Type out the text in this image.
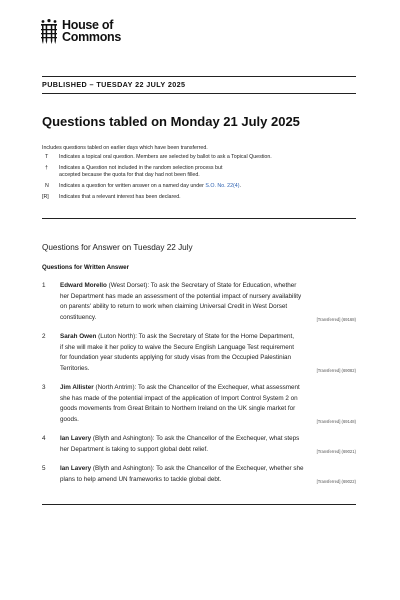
House of
Commons
PUBLISHED – TUESDAY 22 JULY 2025
Questions tabled on Monday 21 July 2025
Includes questions tabled on earlier days which have been transferred.
T	Indicates a topical oral question. Members are selected by ballot to ask a Topical Question.
†	Indicates a Question not included in the random selection process but
accepted because the quota for that day had not been filled.
N	Indicates a question for written answer on a named day under S.O. No. 22(4).
[R]	Indicates that a relevant interest has been declared.
Questions for Answer on Tuesday 22 July
Questions for Written Answer
1 Edward Morello (West Dorset): To ask the Secretary of State for Education, whether
her Department has made an assessment of the potential impact of nursery availability
on parents' ability to return to work when claiming Universal Credit in West Dorset
constituency.	[Transferred] (69168)
2 Sarah Owen (Luton North): To ask the Secretary of State for the Home Department,
if she will make it her policy to waive the Secure English Language Test requirement
for foundation year students applying for study visas from the Occupied Palestinian
Territories.	[Transferred] (69082)
3 Jim Allister (North Antrim): To ask the Chancellor of the Exchequer, what assessment
she has made of the potential impact of the application of Import Control System 2 on
goods movements from Great Britain to Northern Ireland on the UK single market for
goods.	[Transferred] (69148)
4 Ian Lavery (Blyth and Ashington): To ask the Chancellor of the Exchequer, what steps
her Department is taking to support global debt relief.	[Transferred] (69021)
5 Ian Lavery (Blyth and Ashington): To ask the Chancellor of the Exchequer, whether she
plans to help amend UN frameworks to tackle global debt.	[Transferred] (69022)
